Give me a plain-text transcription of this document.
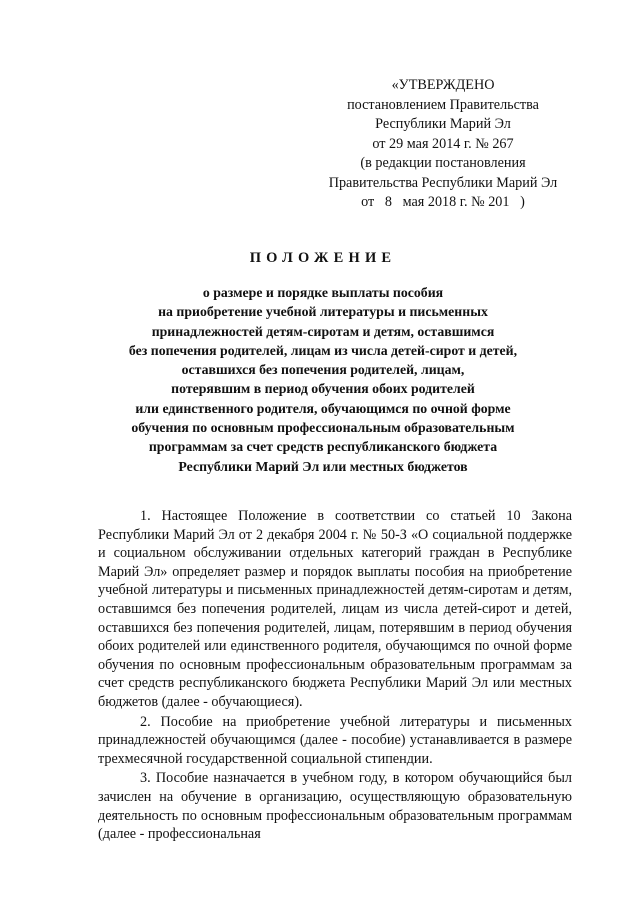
«УТВЕРЖДЕНО
постановлением Правительства
Республики Марий Эл
от 29 мая 2014 г. № 267
(в редакции постановления
Правительства Республики Марий Эл
от   8   мая 2018 г. № 201   )
ПОЛОЖЕНИЕ
о размере и порядке выплаты пособия
на приобретение учебной литературы и письменных
принадлежностей детям-сиротам и детям, оставшимся
без попечения родителей, лицам из числа детей-сирот и детей,
оставшихся без попечения родителей, лицам,
потерявшим в период обучения обоих родителей
или единственного родителя, обучающимся по очной форме
обучения по основным профессиональным образовательным
программам за счет средств республиканского бюджета
Республики Марий Эл или местных бюджетов

1. Настоящее Положение в соответствии со статьей 10 Закона Республики Марий Эл от 2 декабря 2004 г. № 50-З «О социальной поддержке и социальном обслуживании отдельных категорий граждан в Республике Марий Эл» определяет размер и порядок выплаты пособия на приобретение учебной литературы и письменных принадлежностей детям-сиротам и детям, оставшимся без попечения родителей, лицам из числа детей-сирот и детей, оставшихся без попечения родителей, лицам, потерявшим в период обучения обоих родителей или единственного родителя, обучающимся по очной форме обучения по основным профессиональным образовательным программам за счет средств республиканского бюджета Республики Марий Эл или местных бюджетов (далее - обучающиеся).

2. Пособие на приобретение учебной литературы и письменных принадлежностей обучающимся (далее - пособие) устанавливается в размере трехмесячной государственной социальной стипендии.

3. Пособие назначается в учебном году, в котором обучающийся был зачислен на обучение в организацию, осуществляющую образовательную деятельность по основным профессиональным образовательным программам (далее - профессиональная
